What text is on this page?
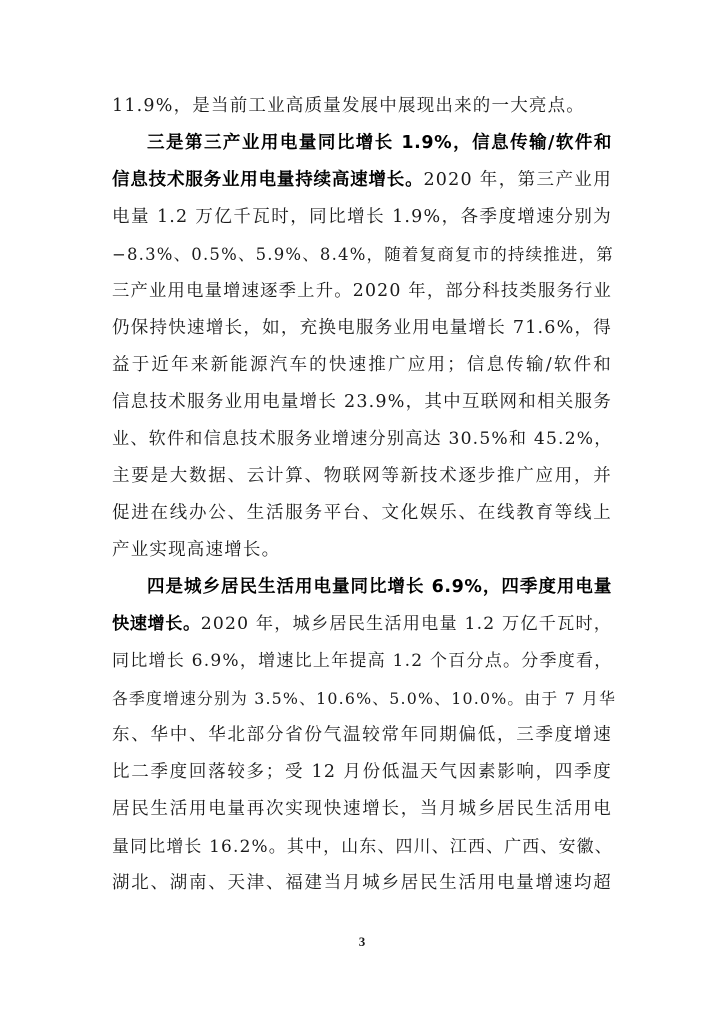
11.9%，是当前工业高质量发展中展现出来的一大亮点。
三是第三产业用电量同比增长 1.9%，信息传输/软件和
信息技术服务业用电量持续高速增长。2020 年，第三产业用
电量 1.2 万亿千瓦时，同比增长 1.9%，各季度增速分别为
−8.3%、0.5%、5.9%、8.4%，随着复商复市的持续推进，第
三产业用电量增速逐季上升。2020 年，部分科技类服务行业
仍保持快速增长，如，充换电服务业用电量增长 71.6%，得
益于近年来新能源汽车的快速推广应用；信息传输/软件和
信息技术服务业用电量增长 23.9%，其中互联网和相关服务
业、软件和信息技术服务业增速分别高达 30.5%和 45.2%，
主要是大数据、云计算、物联网等新技术逐步推广应用，并
促进在线办公、生活服务平台、文化娱乐、在线教育等线上
产业实现高速增长。
四是城乡居民生活用电量同比增长 6.9%，四季度用电量
快速增长。2020 年，城乡居民生活用电量 1.2 万亿千瓦时，
同比增长 6.9%，增速比上年提高 1.2 个百分点。分季度看，
各季度增速分别为 3.5%、10.6%、5.0%、10.0%。由于 7 月华
东、华中、华北部分省份气温较常年同期偏低，三季度增速
比二季度回落较多；受 12 月份低温天气因素影响，四季度
居民生活用电量再次实现快速增长，当月城乡居民生活用电
量同比增长 16.2%。其中，山东、四川、江西、广西、安徽、
湖北、湖南、天津、福建当月城乡居民生活用电量增速均超
3
